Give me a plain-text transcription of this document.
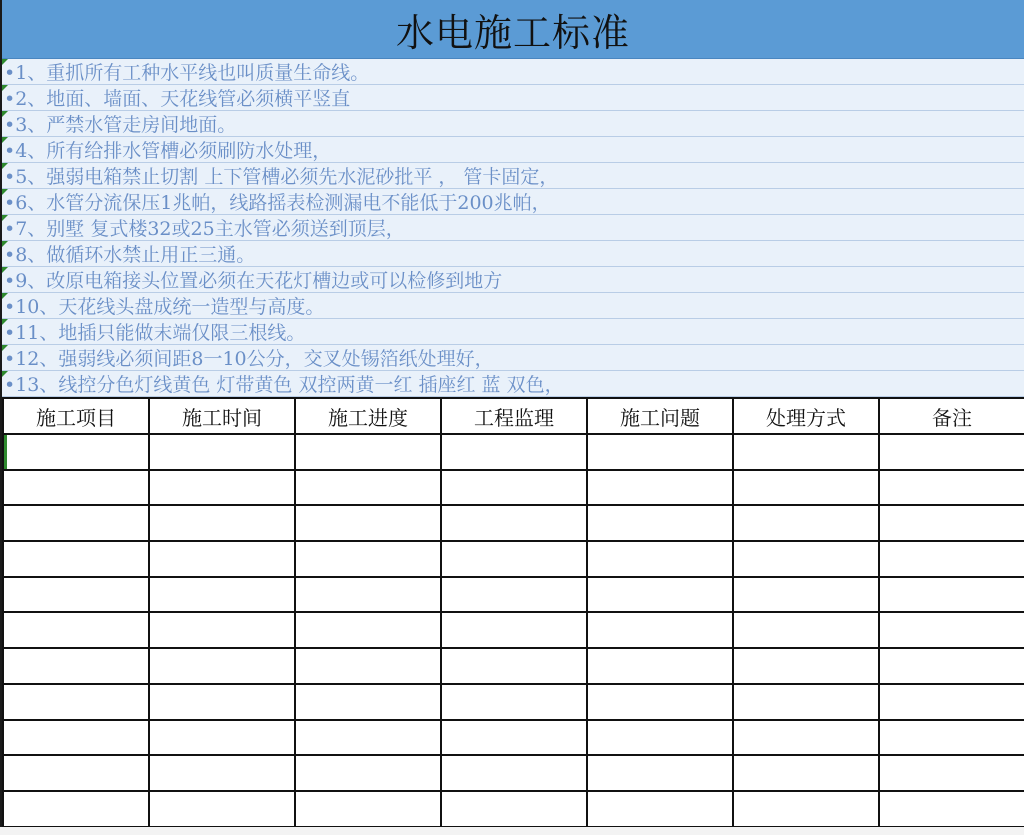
水电施工标准
•1、重抓所有工种水平线也叫质量生命线。
•2、地面、墙面、天花线管必须横平竖直
•3、严禁水管走房间地面。
•4、所有给排水管槽必须刷防水处理，
•5、强弱电箱禁止切割 上下管槽必须先水泥砂批平 ， 管卡固定，
•6、水管分流保压1兆帕，线路摇表检测漏电不能低于200兆帕，
•7、别墅 复式楼32或25主水管必须送到顶层，
•8、做循环水禁止用正三通。
•9、改原电箱接头位置必须在天花灯槽边或可以检修到地方
•10、天花线头盘成统一造型与高度。
•11、地插只能做末端仅限三根线。
•12、强弱线必须间距8一10公分，交叉处锡箔纸处理好，
•13、线控分色灯线黄色 灯带黄色 双控两黄一红 插座红 蓝 双色，
施工项目	施工时间	施工进度	工程监理	施工问题	处理方式	备注
